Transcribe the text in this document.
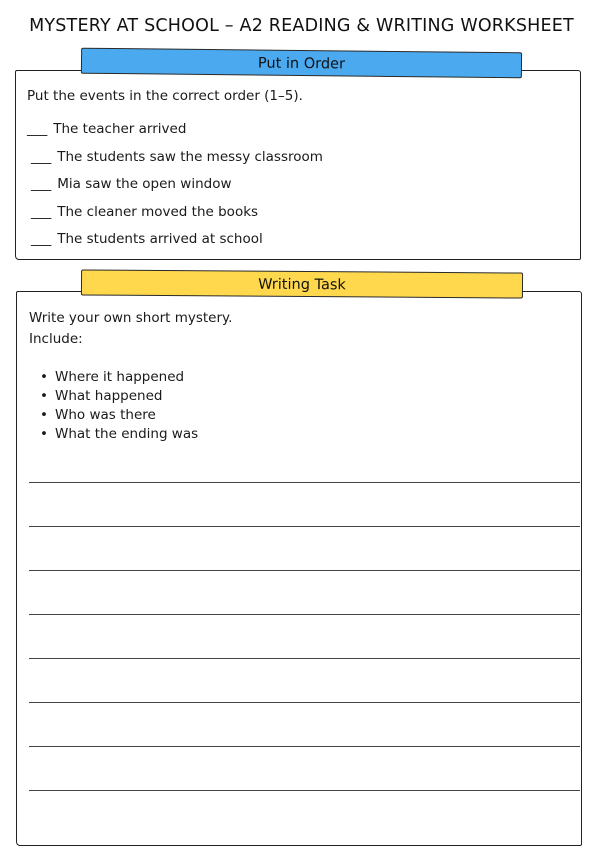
MYSTERY AT SCHOOL – A2 READING & WRITING WORKSHEET
Put in Order
Put the events in the correct order (1–5).
___ The teacher arrived
___ The students saw the messy classroom
___ Mia saw the open window
___ The cleaner moved the books
___ The students arrived at school
Writing Task
Write your own short mystery.
Include:
• Where it happened
• What happened
• Who was there
• What the ending was
